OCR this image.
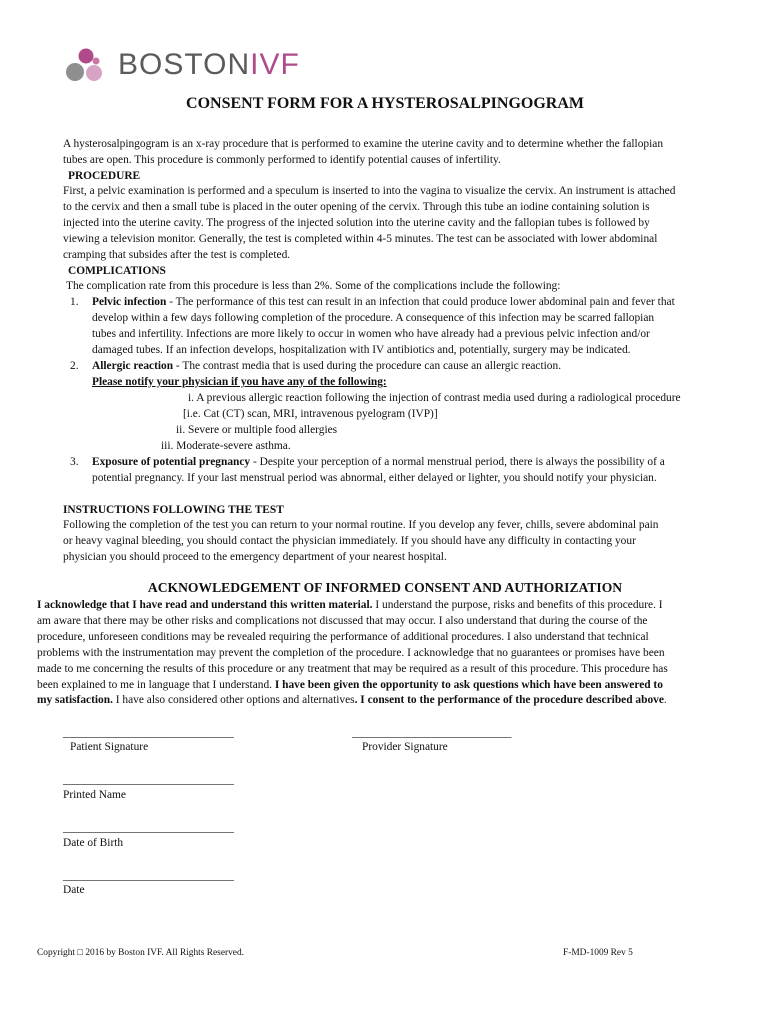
BOSTONIVF
CONSENT FORM FOR A HYSTEROSALPINGOGRAM
A hysterosalpingogram is an x-ray procedure that is performed to examine the uterine cavity and to determine whether the fallopian
tubes are open. This procedure is commonly performed to identify potential causes of infertility.
PROCEDURE
First, a pelvic examination is performed and a speculum is inserted to into the vagina to visualize the cervix. An instrument is attached
to the cervix and then a small tube is placed in the outer opening of the cervix. Through this tube an iodine containing solution is
injected into the uterine cavity. The progress of the injected solution into the uterine cavity and the fallopian tubes is followed by
viewing a television monitor. Generally, the test is completed within 4-5 minutes. The test can be associated with lower abdominal
cramping that subsides after the test is completed.
COMPLICATIONS
The complication rate from this procedure is less than 2%. Some of the complications include the following:
1. Pelvic infection - The performance of this test can result in an infection that could produce lower abdominal pain and fever that
develop within a few days following completion of the procedure. A consequence of this infection may be scarred fallopian
tubes and infertility. Infections are more likely to occur in women who have already had a previous pelvic infection and/or
damaged tubes. If an infection develops, hospitalization with IV antibiotics and, potentially, surgery may be indicated.
2. Allergic reaction - The contrast media that is used during the procedure can cause an allergic reaction.
Please notify your physician if you have any of the following:
i. A previous allergic reaction following the injection of contrast media used during a radiological procedure
[i.e. Cat (CT) scan, MRI, intravenous pyelogram (IVP)]
ii. Severe or multiple food allergies
iii. Moderate-severe asthma.
3. Exposure of potential pregnancy - Despite your perception of a normal menstrual period, there is always the possibility of a
potential pregnancy. If your last menstrual period was abnormal, either delayed or lighter, you should notify your physician.
INSTRUCTIONS FOLLOWING THE TEST
Following the completion of the test you can return to your normal routine. If you develop any fever, chills, severe abdominal pain
or heavy vaginal bleeding, you should contact the physician immediately. If you should have any difficulty in contacting your
physician you should proceed to the emergency department of your nearest hospital.
ACKNOWLEDGEMENT OF INFORMED CONSENT AND AUTHORIZATION
I acknowledge that I have read and understand this written material. I understand the purpose, risks and benefits of this procedure. I
am aware that there may be other risks and complications not discussed that may occur. I also understand that during the course of the
procedure, unforeseen conditions may be revealed requiring the performance of additional procedures. I also understand that technical
problems with the instrumentation may prevent the completion of the procedure. I acknowledge that no guarantees or promises have been
made to me concerning the results of this procedure or any treatment that may be required as a result of this procedure. This procedure has
been explained to me in language that I understand. I have been given the opportunity to ask questions which have been answered to
my satisfaction. I have also considered other options and alternatives. I consent to the performance of the procedure described above.
______________________________
Patient Signature
____________________________
Provider Signature
______________________________
Printed Name
______________________________
Date of Birth
______________________________
Date
Copyright □ 2016 by Boston IVF. All Rights Reserved.	F-MD-1009 Rev 5
